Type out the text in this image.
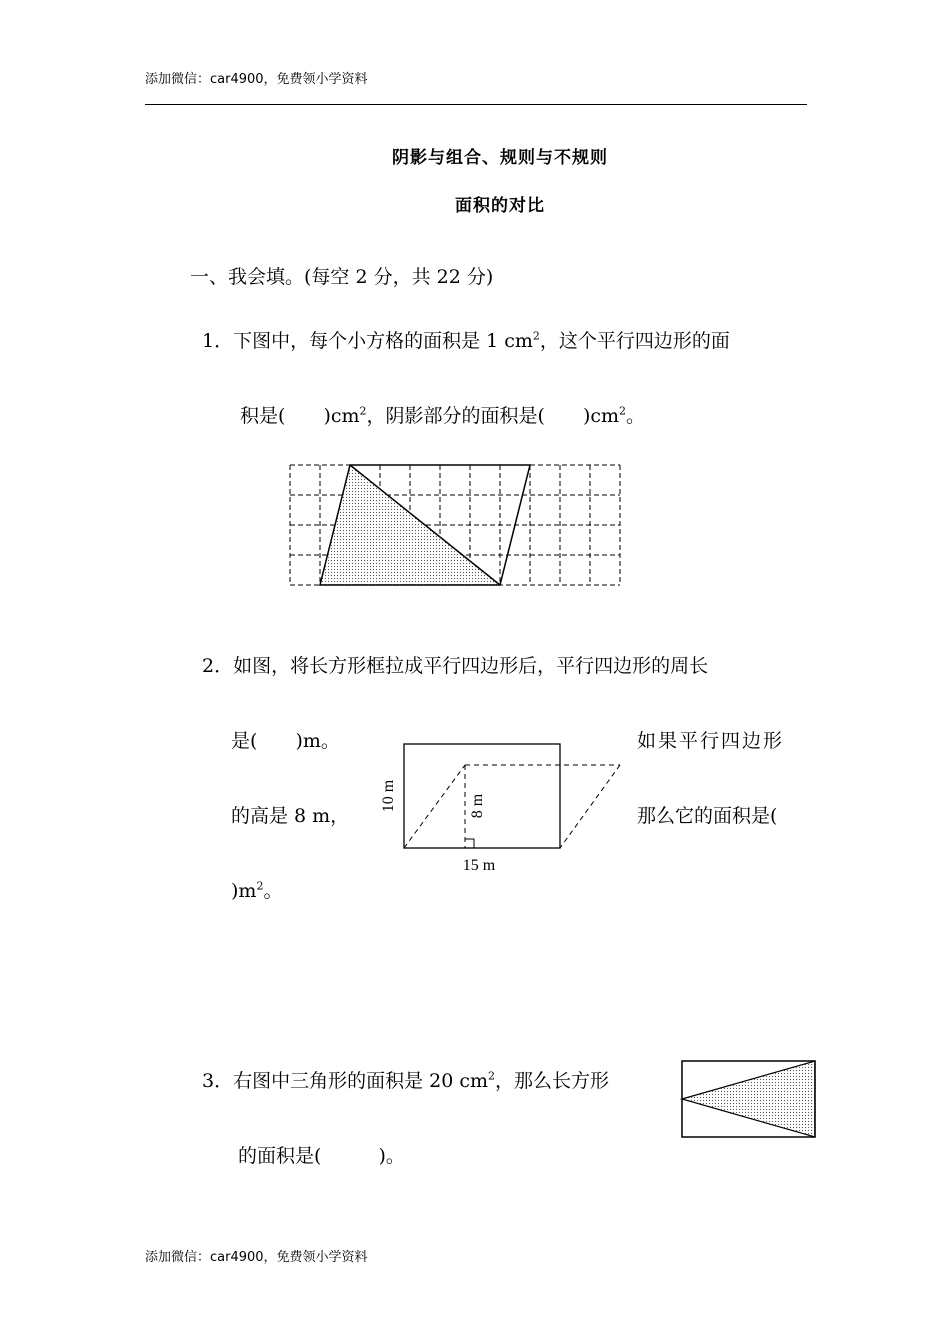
添加微信：car4900，免费领小学资料
阴影与组合、规则与不规则
面积的对比
一、我会填。(每空 2 分，共 22 分)
1．下图中，每个小方格的面积是 1 $cm^2$，这个平行四边形的面
积是(　　 )$cm^2$，阴影部分的面积是(　　 )$cm^2$。
2．如图，将长方形框拉成平行四边形后，平行四边形的周长
是(　　 )m。	如果平行四边形
的高是 8 m，	那么它的面积是(
)$m^2$。
10 m	8 m
15 m
3．右图中三角形的面积是 20 $cm^2$，那么长方形
的面积是(　　　	)。
添加微信：car4900，免费领小学资料
